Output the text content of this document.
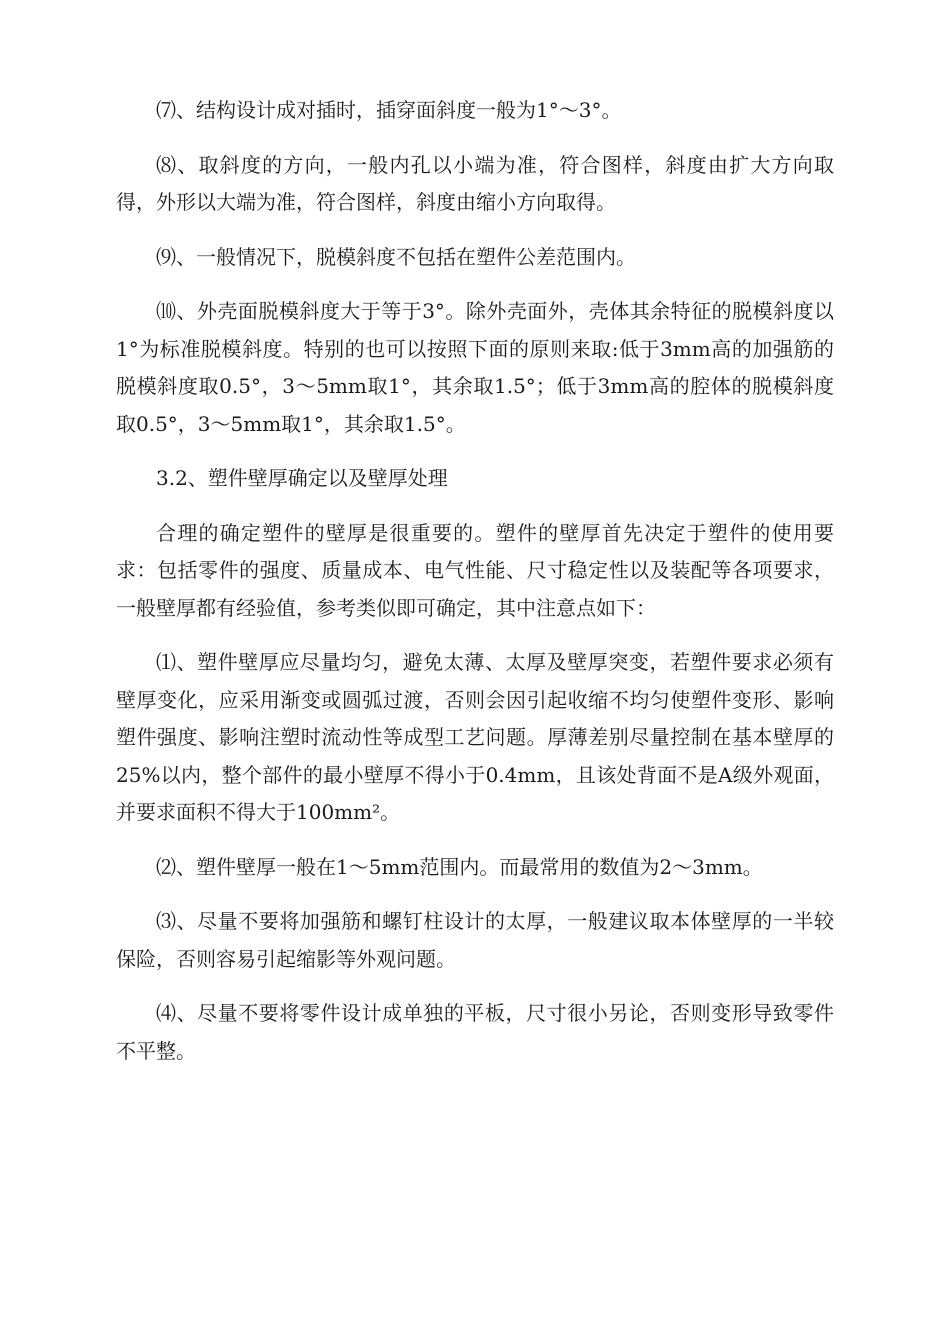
⑺、结构设计成对插时，插穿面斜度一般为1°～3°。

⑻、取斜度的方向，一般内孔以小端为准，符合图样，斜度由扩大方向取得，外形以大端为准，符合图样，斜度由缩小方向取得。

⑼、一般情况下，脱模斜度不包括在塑件公差范围内。

⑽、外壳面脱模斜度大于等于3°。除外壳面外，壳体其余特征的脱模斜度以1°为标准脱模斜度。特别的也可以按照下面的原则来取:低于3mm高的加强筋的脱模斜度取0.5°，3～5mm取1°，其余取1.5°；低于3mm高的腔体的脱模斜度取0.5°，3～5mm取1°，其余取1.5°。

3.2、塑件壁厚确定以及壁厚处理

合理的确定塑件的壁厚是很重要的。塑件的壁厚首先决定于塑件的使用要求：包括零件的强度、质量成本、电气性能、尺寸稳定性以及装配等各项要求，一般壁厚都有经验值，参考类似即可确定，其中注意点如下：

⑴、塑件壁厚应尽量均匀，避免太薄、太厚及壁厚突变，若塑件要求必须有壁厚变化，应采用渐变或圆弧过渡，否则会因引起收缩不均匀使塑件变形、影响塑件强度、影响注塑时流动性等成型工艺问题。厚薄差别尽量控制在基本壁厚的25%以内，整个部件的最小壁厚不得小于0.4mm，且该处背面不是A级外观面，并要求面积不得大于100mm²。

⑵、塑件壁厚一般在1～5mm范围内。而最常用的数值为2～3mm。

⑶、尽量不要将加强筋和螺钉柱设计的太厚，一般建议取本体壁厚的一半较保险，否则容易引起缩影等外观问题。

⑷、尽量不要将零件设计成单独的平板，尺寸很小另论，否则变形导致零件不平整。
